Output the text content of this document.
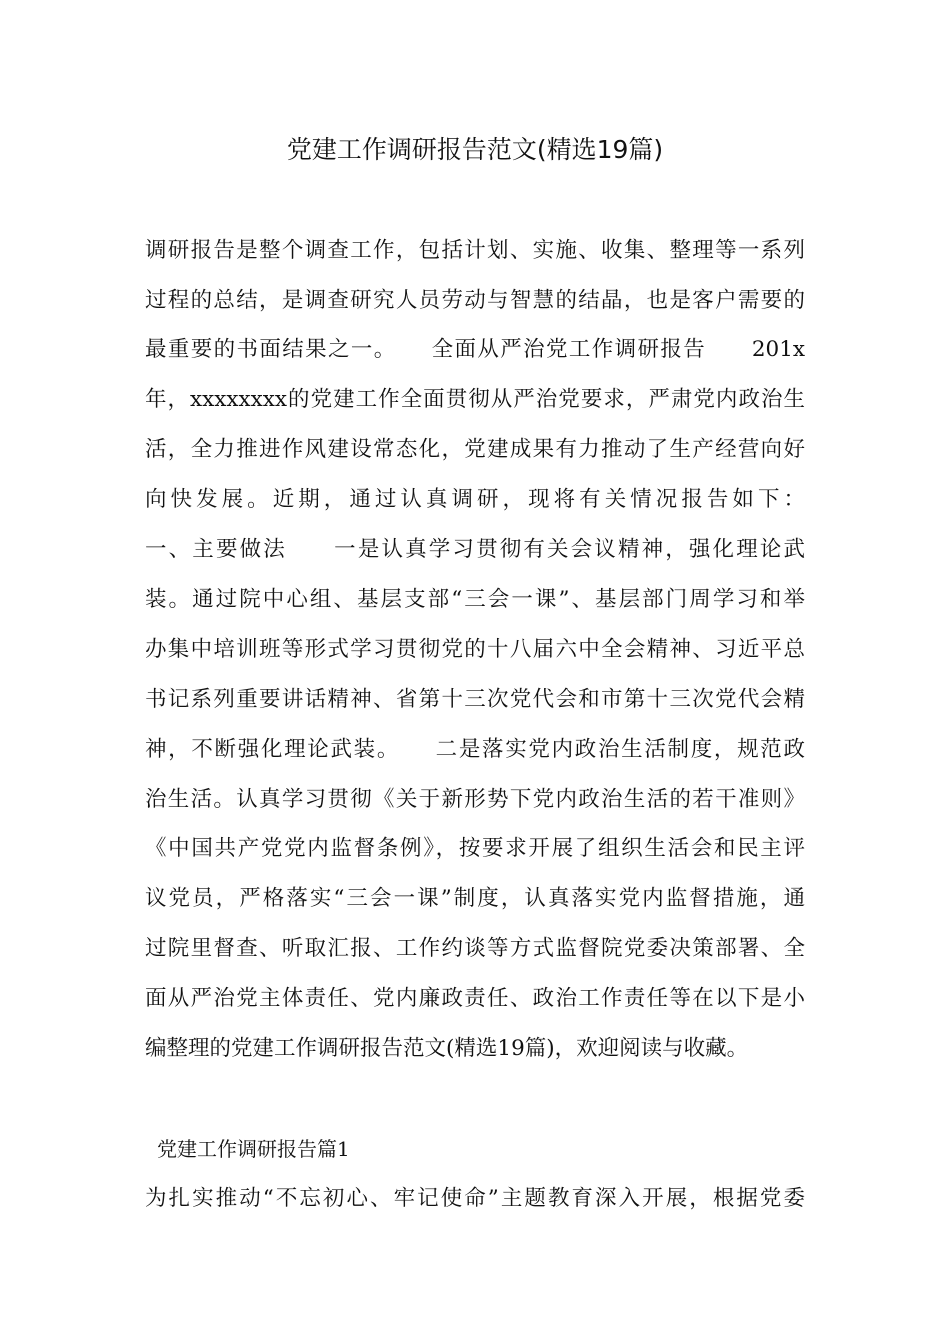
党建工作调研报告范文(精选19篇)
调研报告是整个调查工作，包括计划、实施、收集、整理等一系列
过程的总结，是调查研究人员劳动与智慧的结晶，也是客户需要的
最重要的书面结果之一。　　全面从严治党工作调研报告　　201x
年，xxxxxxxx的党建工作全面贯彻从严治党要求，严肃党内政治生
活，全力推进作风建设常态化，党建成果有力推动了生产经营向好
向快发展。近期，通过认真调研，现将有关情况报告如下：
一、主要做法　　一是认真学习贯彻有关会议精神，强化理论武
装。通过院中心组、基层支部“三会一课”、基层部门周学习和举
办集中培训班等形式学习贯彻党的十八届六中全会精神、习近平总
书记系列重要讲话精神、省第十三次党代会和市第十三次党代会精
神，不断强化理论武装。　　二是落实党内政治生活制度，规范政
治生活。认真学习贯彻《关于新形势下党内政治生活的若干准则》
《中国共产党党内监督条例》，按要求开展了组织生活会和民主评
议党员，严格落实“三会一课”制度，认真落实党内监督措施，通
过院里督查、听取汇报、工作约谈等方式监督院党委决策部署、全
面从严治党主体责任、党内廉政责任、政治工作责任等在以下是小
编整理的党建工作调研报告范文(精选19篇)，欢迎阅读与收藏。
党建工作调研报告篇1
为扎实推动“不忘初心、牢记使命”主题教育深入开展，根据党委
